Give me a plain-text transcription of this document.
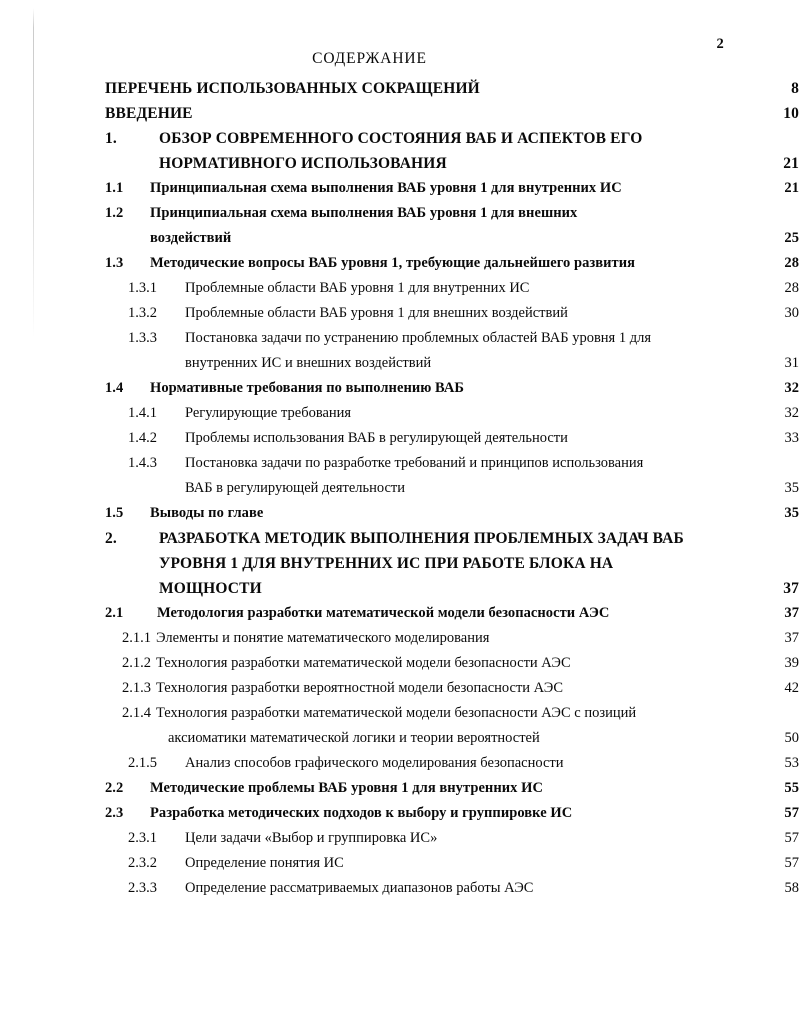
2
СОДЕРЖАНИЕ
ПЕРЕЧЕНЬ ИСПОЛЬЗОВАННЫХ СОКРАЩЕНИЙ	8
ВВЕДЕНИЕ	10
1.	ОБЗОР СОВРЕМЕННОГО СОСТОЯНИЯ ВАБ И АСПЕКТОВ ЕГО
НОРМАТИВНОГО ИСПОЛЬЗОВАНИЯ	21
1.1	Принципиальная схема выполнения ВАБ уровня 1 для внутренних ИС	21
1.2	Принципиальная схема выполнения ВАБ уровня 1 для внешних
воздействий	25
1.3	Методические вопросы ВАБ уровня 1, требующие дальнейшего развития	28
1.3.1	Проблемные области ВАБ уровня 1 для внутренних ИС	28
1.3.2	Проблемные области ВАБ уровня 1 для внешних воздействий	30
1.3.3	Постановка задачи по устранению проблемных областей ВАБ уровня 1 для
внутренних ИС и внешних воздействий	31
1.4	Нормативные требования по выполнению ВАБ	32
1.4.1	Регулирующие требования	32
1.4.2	Проблемы использования ВАБ в регулирующей деятельности	33
1.4.3	Постановка задачи по разработке требований и принципов использования
ВАБ в регулирующей деятельности	35
1.5	Выводы по главе	35
2.	РАЗРАБОТКА МЕТОДИК ВЫПОЛНЕНИЯ ПРОБЛЕМНЫХ ЗАДАЧ ВАБ
УРОВНЯ 1 ДЛЯ ВНУТРЕННИХ ИС ПРИ РАБОТЕ БЛОКА НА
МОЩНОСТИ	37
2.1	Методология разработки математической модели безопасности АЭС	37
2.1.1 Элементы и понятие математического моделирования	37
2.1.2 Технология разработки математической модели безопасности АЭС	39
2.1.3 Технология разработки вероятностной модели безопасности АЭС	42
2.1.4 Технология разработки математической модели безопасности АЭС с позиций
аксиоматики математической логики и теории вероятностей	50
2.1.5	Анализ способов графического моделирования безопасности	53
2.2	Методические проблемы ВАБ уровня 1 для внутренних ИС	55
2.3	Разработка методических подходов к выбору и группировке ИС	57
2.3.1	Цели задачи «Выбор и группировка ИС»	57
2.3.2	Определение понятия ИС	57
2.3.3	Определение рассматриваемых диапазонов работы АЭС	58
